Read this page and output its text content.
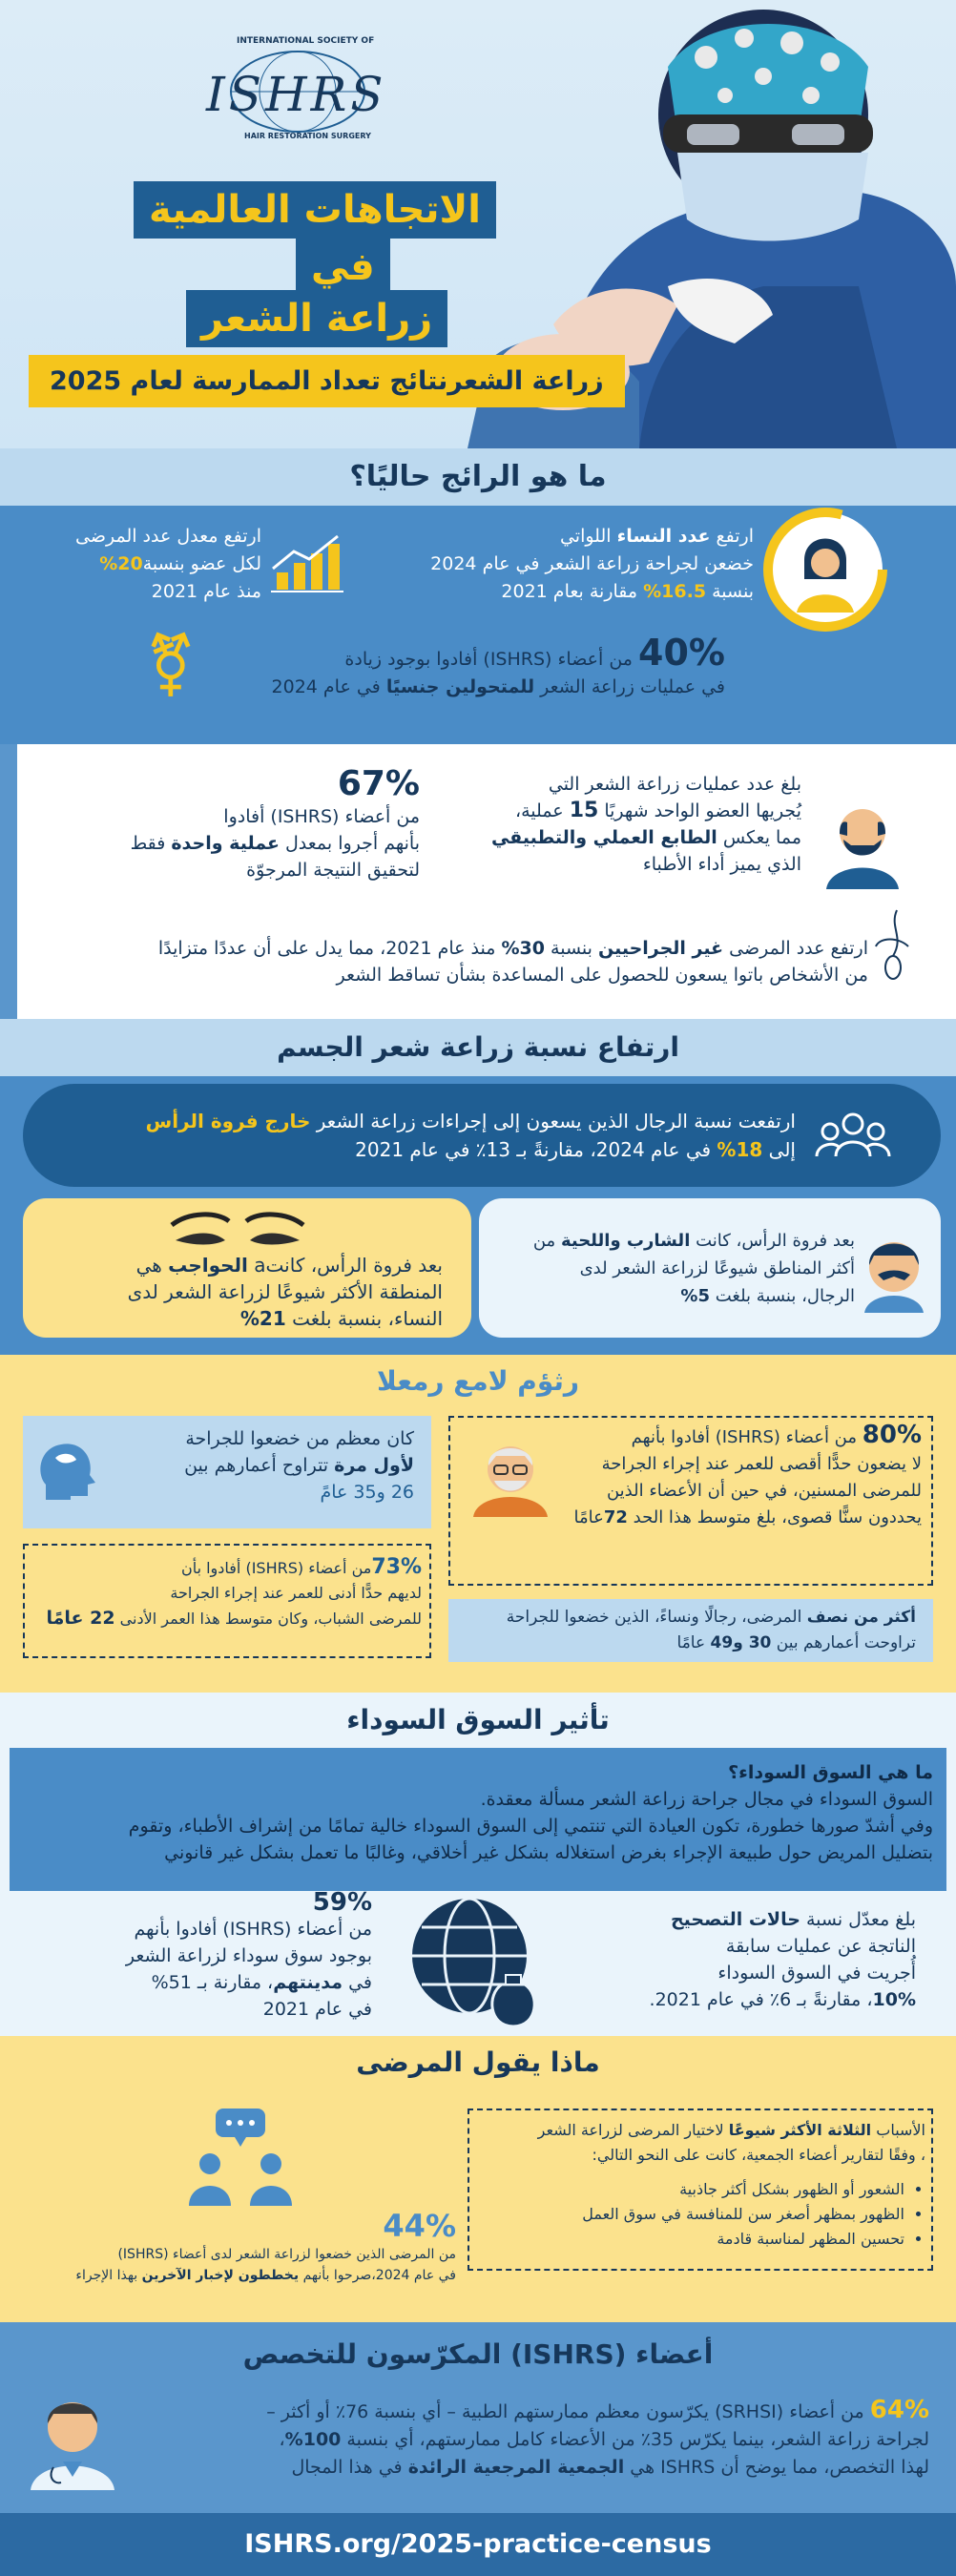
INTERNATIONAL SOCIETY OF
ISHRS
HAIR RESTORATION SURGERY
الاتجاهات العالمية
في
زراعة الشعر
زراعة الشعرنتائج تعداد الممارسة لعام 2025
ما هو الرائج حاليًا؟
ارتفع عدد النساء اللواتي
خضعن لجراحة زراعة الشعر في عام 2024
بنسبة 16.5% مقارنة بعام 2021
ارتفع معدل عدد المرضى
لكل عضو بنسبة20%
منذ عام 2021
⚧	40% من أعضاء (ISHRS) أفادوا بوجود زيادة
في عمليات زراعة الشعر للمتحولين جنسيًا في عام 2024
بلغ عدد عمليات زراعة الشعر التي
يُجريها العضو الواحد شهريًا 15 عملية،
مما يعكس الطابع العملي والتطبيقي
الذي يميز أداء الأطباء
67%
من أعضاء (ISHRS) أفادوا
بأنهم أجروا بمعدل عملية واحدة فقط
لتحقيق النتيجة المرجوّة
ارتفع عدد المرضى غير الجراحيين بنسبة 30% منذ عام 2021، مما يدل على أن عددًا متزايدًا
من الأشخاص باتوا يسعون للحصول على المساعدة بشأن تساقط الشعر
ارتفاع نسبة زراعة شعر الجسم
ارتفعت نسبة الرجال الذين يسعون إلى إجراءات زراعة الشعر خارج فروة الرأس
إلى 18% في عام 2024، مقارنةً بـ 13٪ في عام 2021
بعد فروة الرأس، كانت الشارب واللحية من
أكثر المناطق شيوعًا لزراعة الشعر لدى
الرجال، بنسبة بلغت 5%
بعد فروة الرأس، كانتa الحواجب هي
المنطقة الأكثر شيوعًا لزراعة الشعر لدى
النساء، بنسبة بلغت 21%
رثؤم لامع رمعلا
كان معظم من خضعوا للجراحة
لأول مرة تتراوح أعمارهم بين
26 و35 عامً
80% من أعضاء (ISHRS) أفادوا بأنهم
لا يضعون حدًّا أقصى للعمر عند إجراء الجراحة
للمرضى المسنين، في حين أن الأعضاء الذين
يحددون سنًّا قصوى، بلغ متوسط هذا الحد 72عامًا
73%من أعضاء (ISHRS) أفادوا بأن
لديهم حدًّا أدنى للعمر عند إجراء الجراحة
للمرضى الشباب، وكان متوسط هذا العمر الأدنى 22 عامًا	أكثر من نصف المرضى، رجالًا ونساءً، الذين خضعوا للجراحة
تراوحت أعمارهم بين 30 و49 عامًا
تأثير السوق السوداء
ما هي السوق السوداء؟
السوق السوداء في مجال جراحة زراعة الشعر مسألة معقدة.
وفي أشدّ صورها خطورة، تكون العيادة التي تنتمي إلى السوق السوداء خالية تمامًا من إشراف الأطباء، وتقوم
بتضليل المريض حول طبيعة الإجراء بغرض استغلاله بشكل غير أخلاقي، وغالبًا ما تعمل بشكل غير قانوني
بلغ معدّل نسبة حالات التصحيح
الناتجة عن عمليات سابقة
أُجريت في السوق السوداء
10%، مقارنةً بـ 6٪ في عام 2021.
59%
من أعضاء (ISHRS) أفادوا بأنهم
بوجود سوق سوداء لزراعة الشعر
في مدينتهم، مقارنة بـ 51%
في عام 2021
ماذا يقول المرضى
الأسباب الثلاثة الأكثر شيوعًا لاختيار المرضى لزراعة الشعر
، وفقًا لتقارير أعضاء الجمعية، كانت على النحو التالي:
• الشعور أو الظهور بشكل أكثر جاذبية
• الظهور بمظهر أصغر سن للمنافسة في سوق العمل
• تحسين المظهر لمناسبة قادمة
44%
من المرضى الذين خضعوا لزراعة الشعر لدى أعضاء (ISHRS)
في عام 2024،صرحوا بأنهم يخططون لإخبار الآخرين بهذا الإجراء
أعضاء (ISHRS) المكرّسون للتخصص
64% من أعضاء (SRHSI) يكرّسون معظم ممارستهم الطبية – أي بنسبة 76٪ أو أكثر –
لجراحة زراعة الشعر، بينما يكرّس 35٪ من الأعضاء كامل ممارستهم، أي بنسبة 100%،
لهذا التخصص، مما يوضح أن ISHRS هي الجمعية المرجعية الرائدة في هذا المجال
ISHRS.org/2025-practice-census
